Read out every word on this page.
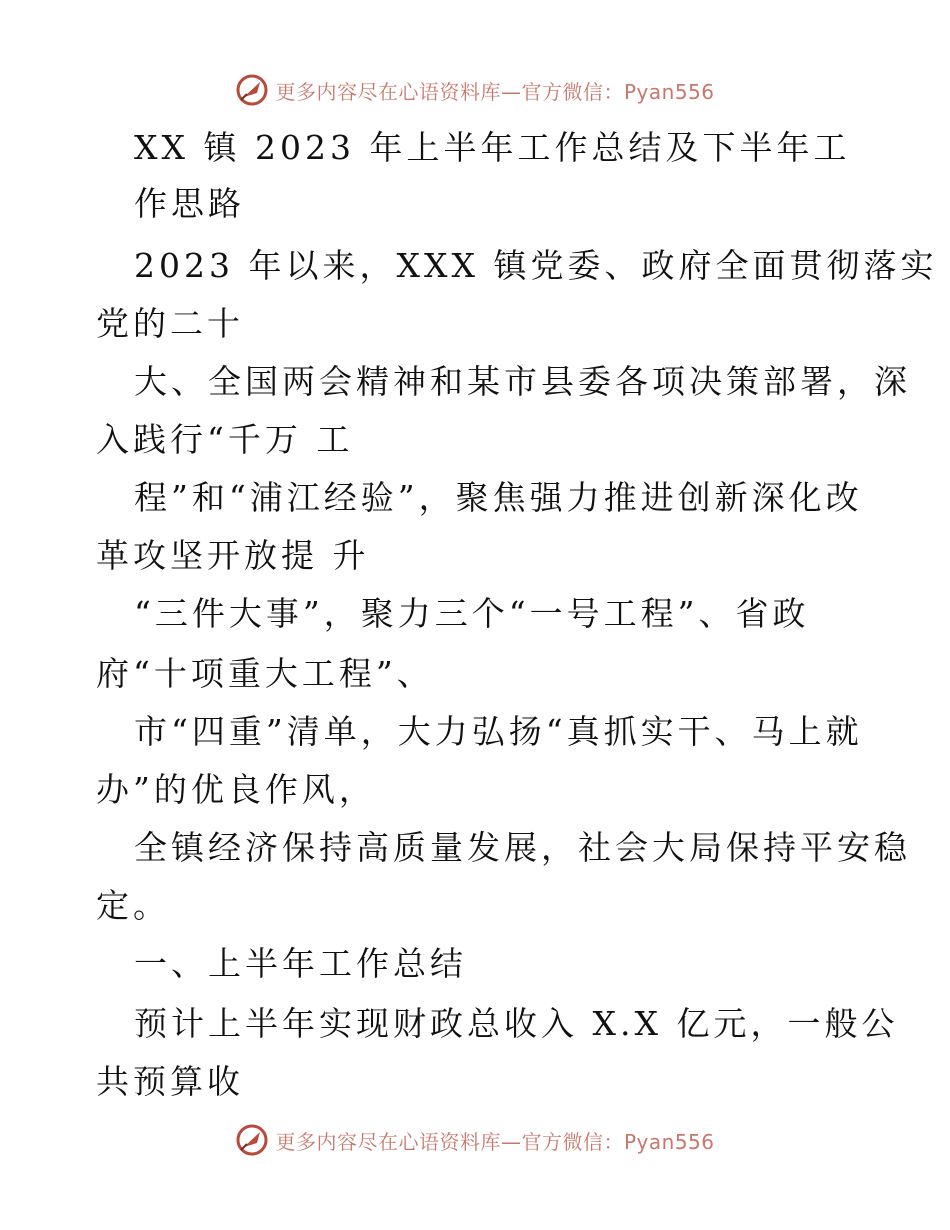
更多内容尽在心语资料库—官方微信：Pyan556
XX 镇 2023 年上半年工作总结及下半年工
作思路
2023 年以来，XXX 镇党委、政府全面贯彻落实
党的二十
大、全国两会精神和某市县委各项决策部署，深
入践行“千万 工
程”和“浦江经验”，聚焦强力推进创新深化改
革攻坚开放提 升
“三件大事”，聚力三个“一号工程”、省政
府“十项重大工程”、
市“四重”清单，大力弘扬“真抓实干、马上就
办”的优良作风，
全镇经济保持高质量发展，社会大局保持平安稳
定。
一、上半年工作总结
预计上半年实现财政总收入 X.X 亿元，一般公
共预算收
更多内容尽在心语资料库—官方微信：Pyan556
